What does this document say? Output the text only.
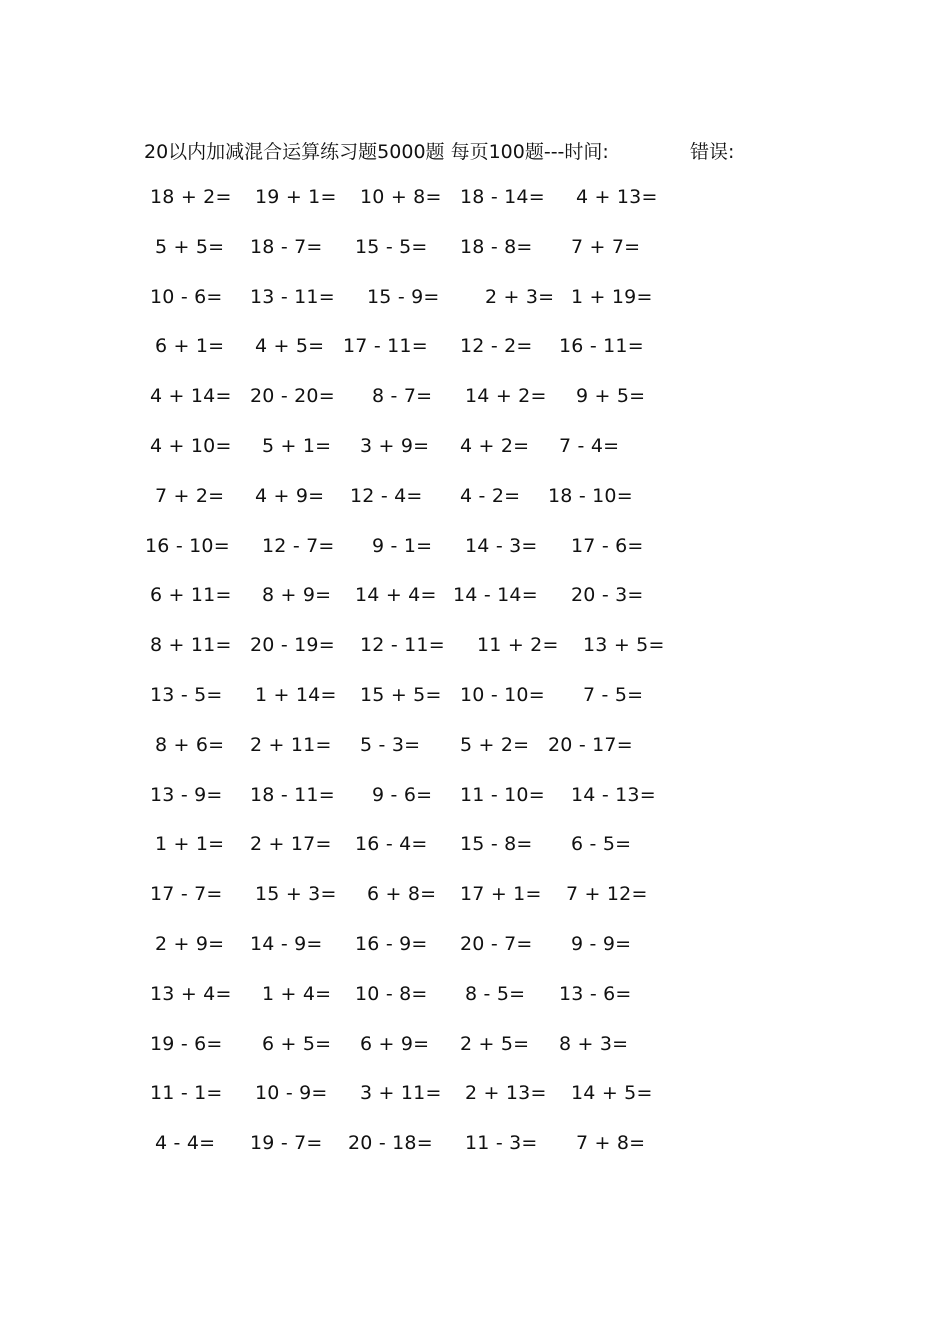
20以内加减混合运算练习题5000题 每页100题---时间:	错误:
18 + 2= 19 + 1= 10 + 8= 18 - 14= 4 + 13=
5 + 5= 18 - 7= 15 - 5= 18 - 8= 7 + 7=
10 - 6= 13 - 11= 15 - 9= 2 + 3= 1 + 19=
6 + 1= 4 + 5= 17 - 11= 12 - 2= 16 - 11=
4 + 14= 20 - 20= 8 - 7= 14 + 2= 9 + 5=
4 + 10= 5 + 1= 3 + 9= 4 + 2= 7 - 4=
7 + 2= 4 + 9= 12 - 4= 4 - 2= 18 - 10=
16 - 10= 12 - 7= 9 - 1= 14 - 3= 17 - 6=
6 + 11= 8 + 9= 14 + 4= 14 - 14= 20 - 3=
8 + 11= 20 - 19= 12 - 11= 11 + 2= 13 + 5=
13 - 5= 1 + 14= 15 + 5= 10 - 10= 7 - 5=
8 + 6= 2 + 11= 5 - 3= 5 + 2= 20 - 17=
13 - 9= 18 - 11= 9 - 6= 11 - 10= 14 - 13=
1 + 1= 2 + 17= 16 - 4= 15 - 8= 6 - 5=
17 - 7= 15 + 3= 6 + 8= 17 + 1= 7 + 12=
2 + 9= 14 - 9= 16 - 9= 20 - 7= 9 - 9=
13 + 4= 1 + 4= 10 - 8= 8 - 5= 13 - 6=
19 - 6= 6 + 5= 6 + 9= 2 + 5= 8 + 3=
11 - 1= 10 - 9= 3 + 11= 2 + 13= 14 + 5=
4 - 4= 19 - 7= 20 - 18= 11 - 3= 7 + 8=
